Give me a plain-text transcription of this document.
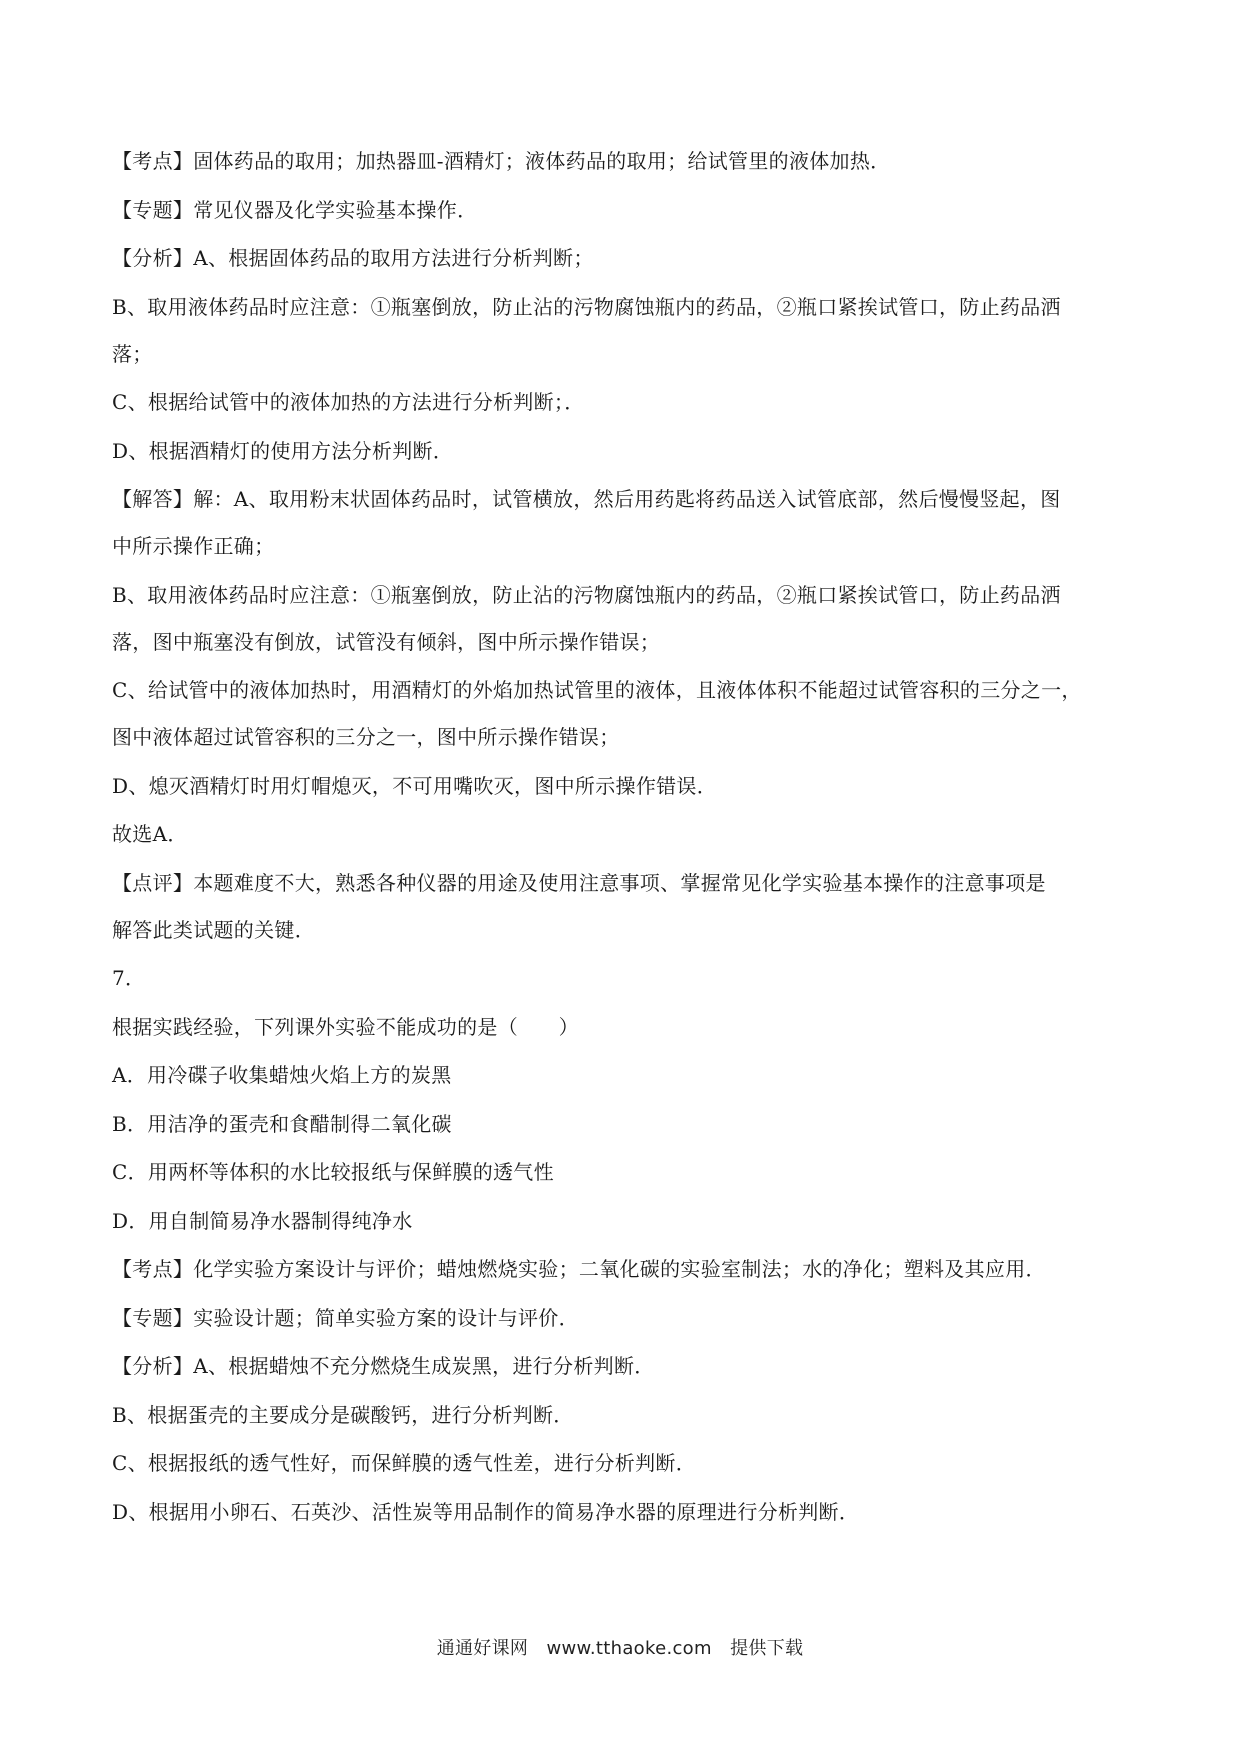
【考点】固体药品的取用；加热器皿-酒精灯；液体药品的取用；给试管里的液体加热．
【专题】常见仪器及化学实验基本操作．
【分析】A、根据固体药品的取用方法进行分析判断；
B、取用液体药品时应注意：①瓶塞倒放，防止沾的污物腐蚀瓶内的药品，②瓶口紧挨试管口，防止药品洒
落；
C、根据给试管中的液体加热的方法进行分析判断；．
D、根据酒精灯的使用方法分析判断．
【解答】解：A、取用粉末状固体药品时，试管横放，然后用药匙将药品送入试管底部，然后慢慢竖起，图
中所示操作正确；
B、取用液体药品时应注意：①瓶塞倒放，防止沾的污物腐蚀瓶内的药品，②瓶口紧挨试管口，防止药品洒
落，图中瓶塞没有倒放，试管没有倾斜，图中所示操作错误；
C、给试管中的液体加热时，用酒精灯的外焰加热试管里的液体，且液体体积不能超过试管容积的三分之一，
图中液体超过试管容积的三分之一，图中所示操作错误；
D、熄灭酒精灯时用灯帽熄灭，不可用嘴吹灭，图中所示操作错误．
故选A．
【点评】本题难度不大，熟悉各种仪器的用途及使用注意事项、掌握常见化学实验基本操作的注意事项是
解答此类试题的关键．
7．
根据实践经验，下列课外实验不能成功的是（　　）
A．用冷碟子收集蜡烛火焰上方的炭黑
B．用洁净的蛋壳和食醋制得二氧化碳
C．用两杯等体积的水比较报纸与保鲜膜的透气性
D．用自制简易净水器制得纯净水
【考点】化学实验方案设计与评价；蜡烛燃烧实验；二氧化碳的实验室制法；水的净化；塑料及其应用．
【专题】实验设计题；简单实验方案的设计与评价．
【分析】A、根据蜡烛不充分燃烧生成炭黑，进行分析判断．
B、根据蛋壳的主要成分是碳酸钙，进行分析判断．
C、根据报纸的透气性好，而保鲜膜的透气性差，进行分析判断．
D、根据用小卵石、石英沙、活性炭等用品制作的简易净水器的原理进行分析判断．
通通好课网　www.tthaoke.com　提供下载
